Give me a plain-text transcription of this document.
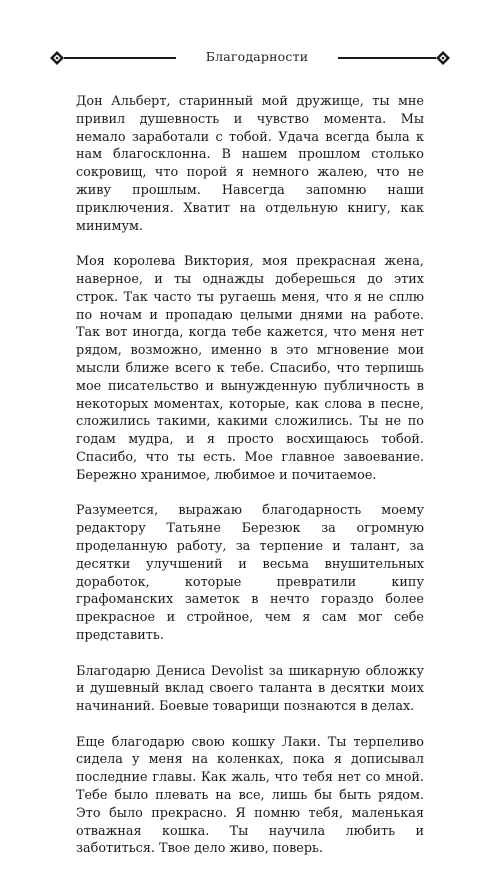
Благодарности

Дон Альберт, старинный мой дружище, ты мне привил душевность и чувство момента. Мы немало заработали с тобой. Удача всегда была к нам благосклонна. В нашем прошлом столько сокровищ, что порой я немного жалею, что не живу прошлым. Навсегда запомню наши приключения. Хватит на отдельную книгу, как минимум.

Моя королева Виктория, моя прекрасная жена, наверное, и ты однажды доберешься до этих строк. Так часто ты ругаешь меня, что я не сплю по ночам и пропадаю целыми днями на работе. Так вот иногда, когда тебе кажется, что меня нет рядом, возможно, именно в это мгновение мои мысли ближе всего к тебе. Спасибо, что терпишь мое писательство и вынужденную публичность в некоторых моментах, которые, как слова в песне, сложились такими, какими сложились. Ты не по годам мудра, и я просто восхищаюсь тобой. Спасибо, что ты есть. Мое главное завоевание. Бережно хранимое, любимое и почитаемое.

Разумеется, выражаю благодарность моему редактору Татьяне Березюк за огромную проделанную работу, за терпение и талант, за десятки улучшений и весьма внушительных доработок, которые превратили кипу графоманских заметок в нечто гораздо более прекрасное и стройное, чем я сам мог себе представить.

Благодарю Дениса Devolist за шикарную обложку и душевный вклад своего таланта в десятки моих начинаний. Боевые товарищи познаются в делах.

Еще благодарю свою кошку Лаки. Ты терпеливо сидела у меня на коленках, пока я дописывал последние главы. Как жаль, что тебя нет со мной. Тебе было плевать на все, лишь бы быть рядом. Это было прекрасно. Я помню тебя, маленькая отважная кошка. Ты научила любить и заботиться. Твое дело живо, поверь.
